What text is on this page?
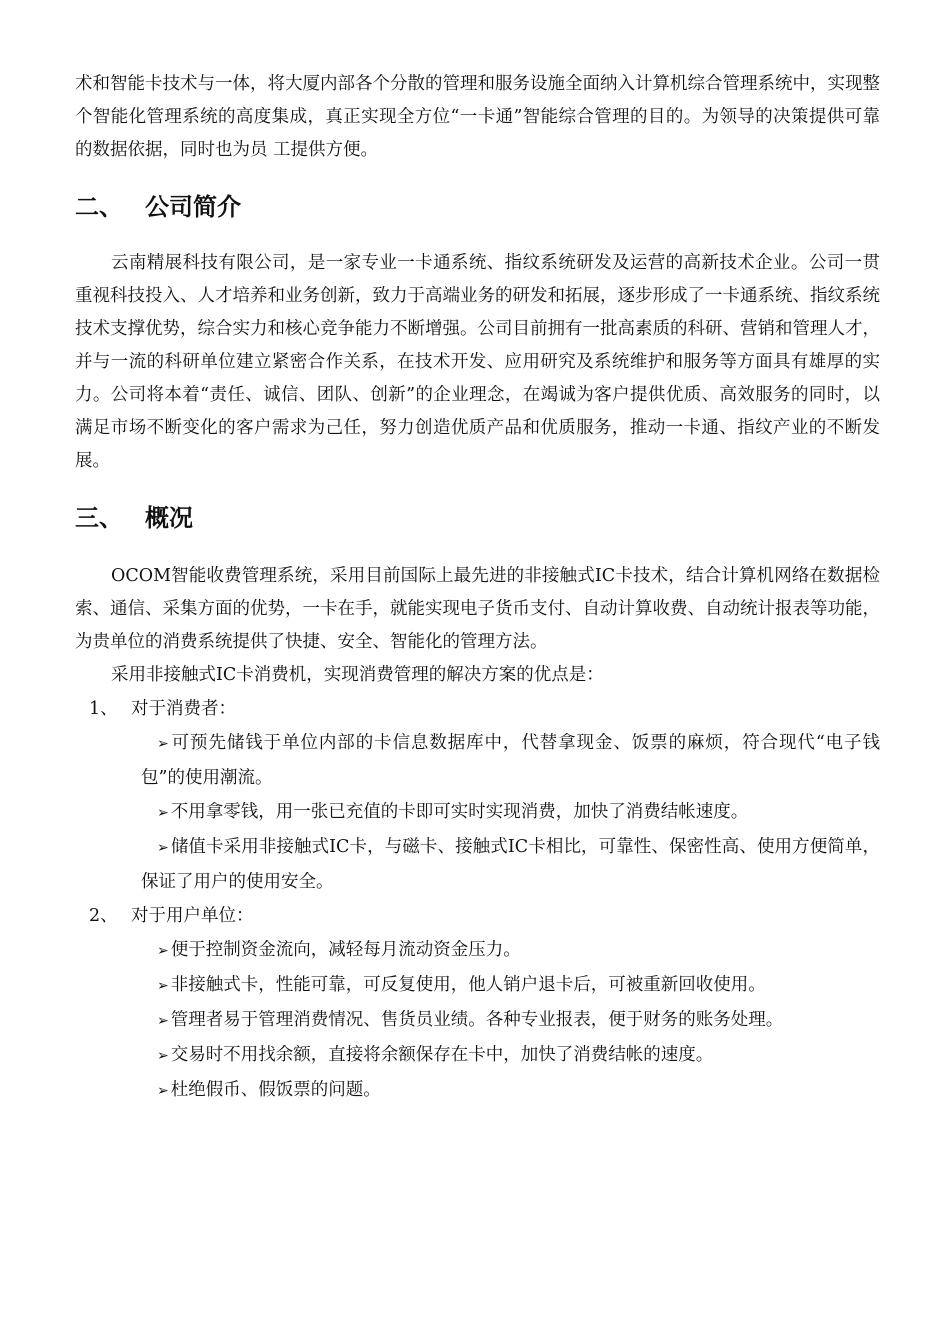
术和智能卡技术与一体，将大厦内部各个分散的管理和服务设施全面纳入计算机综合管理系统中，实现整个智能化管理系统的高度集成，真正实现全方位“一卡通”智能综合管理的目的。为领导的决策提供可靠的数据依据，同时也为员 工提供方便。

二、 公司简介

云南精展科技有限公司，是一家专业一卡通系统、指纹系统研发及运营的高新技术企业。公司一贯重视科技投入、人才培养和业务创新，致力于高端业务的研发和拓展，逐步形成了一卡通系统、指纹系统技术支撑优势，综合实力和核心竞争能力不断增强。公司目前拥有一批高素质的科研、营销和管理人才，并与一流的科研单位建立紧密合作关系，在技术开发、应用研究及系统维护和服务等方面具有雄厚的实力。公司将本着“责任、诚信、团队、创新”的企业理念，在竭诚为客户提供优质、高效服务的同时，以满足市场不断变化的客户需求为己任，努力创造优质产品和优质服务，推动一卡通、指纹产业的不断发展。

三、 概况

OCOM智能收费管理系统，采用目前国际上最先进的非接触式IC卡技术，结合计算机网络在数据检索、通信、采集方面的优势，一卡在手，就能实现电子货币支付、自动计算收费、自动统计报表等功能，为贵单位的消费系统提供了快捷、安全、智能化的管理方法。

采用非接触式IC卡消费机，实现消费管理的解决方案的优点是：

1、 对于消费者：
➢ 可预先储钱于单位内部的卡信息数据库中，代替拿现金、饭票的麻烦，符合现代“电子钱包”的使用潮流。
➢ 不用拿零钱，用一张已充值的卡即可实时实现消费，加快了消费结帐速度。
➢ 储值卡采用非接触式IC卡，与磁卡、接触式IC卡相比，可靠性、保密性高、使用方便简单，保证了用户的使用安全。
2、 对于用户单位：
➢ 便于控制资金流向，减轻每月流动资金压力。
➢ 非接触式卡，性能可靠，可反复使用，他人销户退卡后，可被重新回收使用。
➢ 管理者易于管理消费情况、售货员业绩。各种专业报表，便于财务的账务处理。
➢ 交易时不用找余额，直接将余额保存在卡中，加快了消费结帐的速度。
➢ 杜绝假币、假饭票的问题。
